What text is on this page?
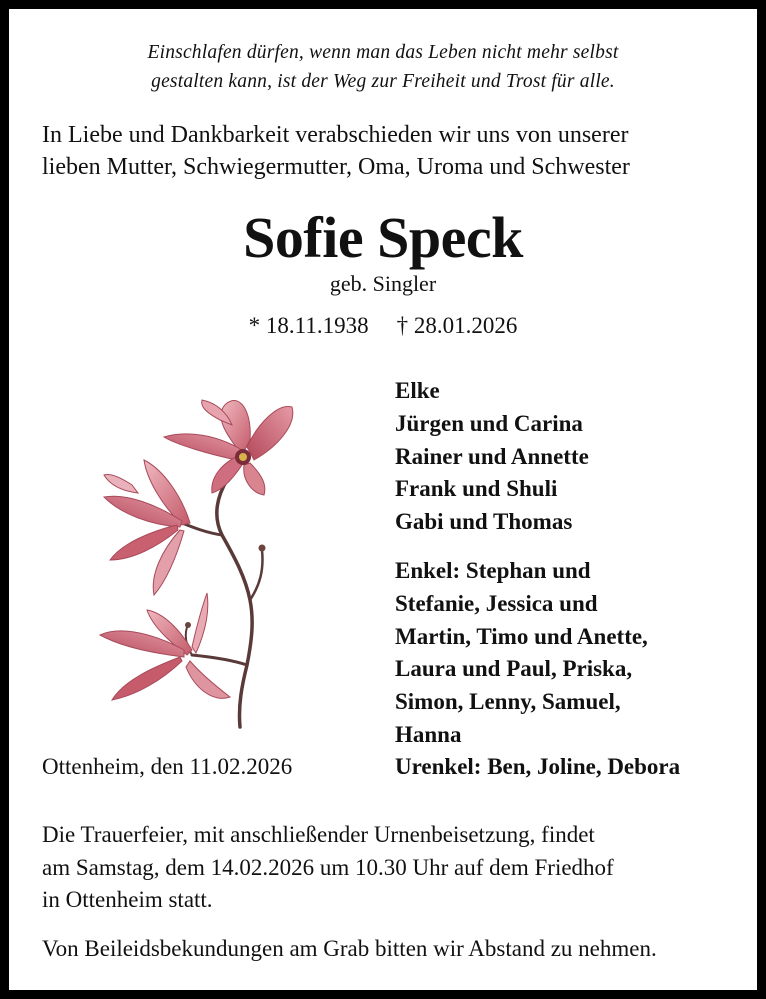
Einschlafen dürfen, wenn man das Leben nicht mehr selbst
gestalten kann, ist der Weg zur Freiheit und Trost für alle.
In Liebe und Dankbarkeit verabschieden wir uns von unserer
lieben Mutter, Schwiegermutter, Oma, Uroma und Schwester
Sofie Speck
geb. Singler
* 18.11.1938 † 28.01.2026
Elke
Jürgen und Carina
Rainer und Annette
Frank und Shuli
Gabi und Thomas
Enkel: Stephan und
Stefanie, Jessica und
Martin, Timo und Anette,
Laura und Paul, Priska,
Simon, Lenny, Samuel,
Hanna
Ottenheim, den 11.02.2026	Urenkel: Ben, Joline, Debora
Die Trauerfeier, mit anschließender Urnenbeisetzung, findet
am Samstag, dem 14.02.2026 um 10.30 Uhr auf dem Friedhof
in Ottenheim statt.
Von Beileidsbekundungen am Grab bitten wir Abstand zu nehmen.
